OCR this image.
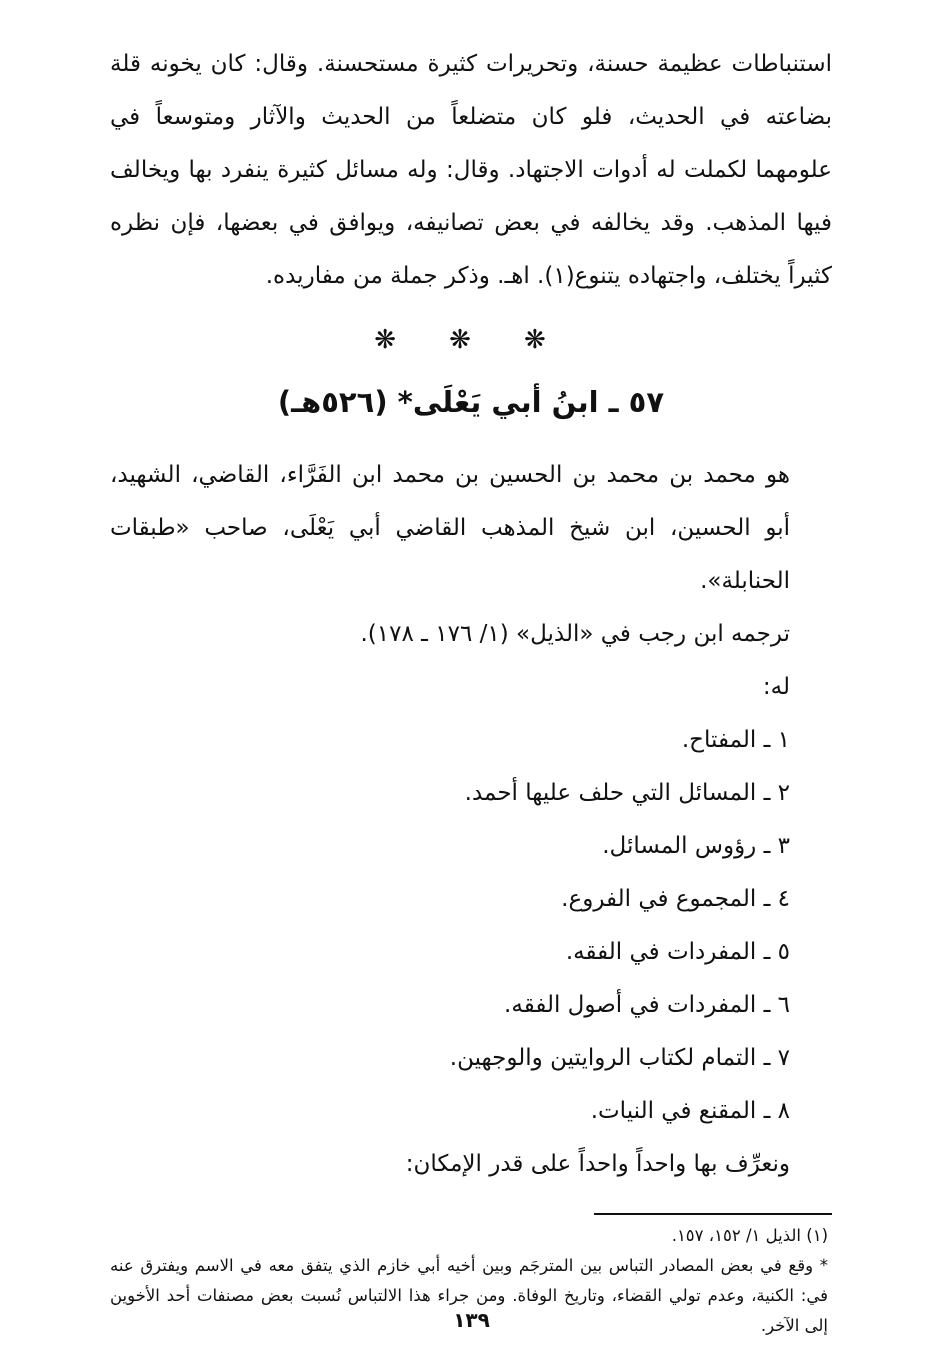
استنباطات عظيمة حسنة، وتحريرات كثيرة مستحسنة. وقال: كان يخونه قلة بضاعته في الحديث، فلو كان متضلعاً من الحديث والآثار ومتوسعاً في علومهما لكملت له أدوات الاجتهاد. وقال: وله مسائل كثيرة ينفرد بها ويخالف فيها المذهب. وقد يخالفه في بعض تصانيفه، ويوافق في بعضها، فإن نظره كثيراً يختلف، واجتهاده يتنوع(١). اهـ. وذكر جملة من مفاريده.

❋ ❋ ❋
٥٧ ـ ابنُ أبي يَعْلَى* (٥٢٦هـ)

هو محمد بن محمد بن الحسين بن محمد ابن الفَرَّاء، القاضي، الشهيد، أبو الحسين، ابن شيخ المذهب القاضي أبي يَعْلَى، صاحب «طبقات الحنابلة».

ترجمه ابن رجب في «الذيل» (١/ ١٧٦ ـ ١٧٨).
له:
١ ـ المفتاح.
٢ ـ المسائل التي حلف عليها أحمد.
٣ ـ رؤوس المسائل.
٤ ـ المجموع في الفروع.
٥ ـ المفردات في الفقه.
٦ ـ المفردات في أصول الفقه.
٧ ـ التمام لكتاب الروايتين والوجهين.
٨ ـ المقنع في النيات.
ونعرِّف بها واحداً واحداً على قدر الإمكان:

(١) الذيل ١/ ١٥٢، ١٥٧.

* وقع في بعض المصادر التباس بين المترجَم وبين أخيه أبي خازم الذي يتفق معه في الاسم ويفترق عنه في: الكنية، وعدم تولي القضاء، وتاريخ الوفاة. ومن جراء هذا الالتباس نُسبت بعض مصنفات أحد الأخوين إلى الآخر.

١٣٩
